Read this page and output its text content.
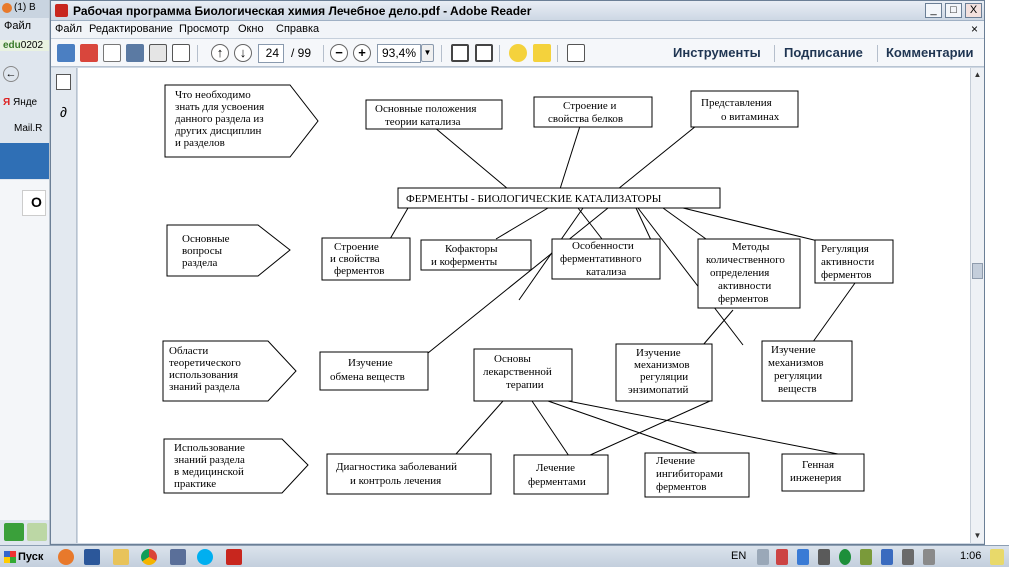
(1) В
Файл
edu0202
←
Я Янде
Mail.R
О
Рабочая программа Биологическая химия Лечебное дело.pdf - Adobe Reader	_	□	X
Файл Редактирование Просмотр Окно Справка	×
↑	↓	24	/ 99	−	+	93,4% ▼	Инструменты Подписание Комментарии
∂
Что необходимо знать для усвоения данного раздела из других дисциплин и разделов
Основные вопросы раздела
Области теоретического использования знаний раздела
Использование знаний раздела в медицинской практике
Основные положения теории катализа
Строение и свойства белков
Представления о витаминах
ФЕРМЕНТЫ - БИОЛОГИЧЕСКИЕ КАТАЛИЗАТОРЫ
Строение и свойства ферментов
Кофакторы и коферменты
Особенности ферментативного катализа
Методы количественного определения активности ферментов
Регуляция активности ферментов
Изучение обмена веществ
Основы лекарственной терапии
Изучение механизмов регуляции энзимопатий
Изучение механизмов регуляции веществ
Диагностика заболеваний и контроль лечения
Лечение ферментами
Лечение ингибиторами ферментов
Генная инженерия
▲
▼
Пуск	EN	1:06
